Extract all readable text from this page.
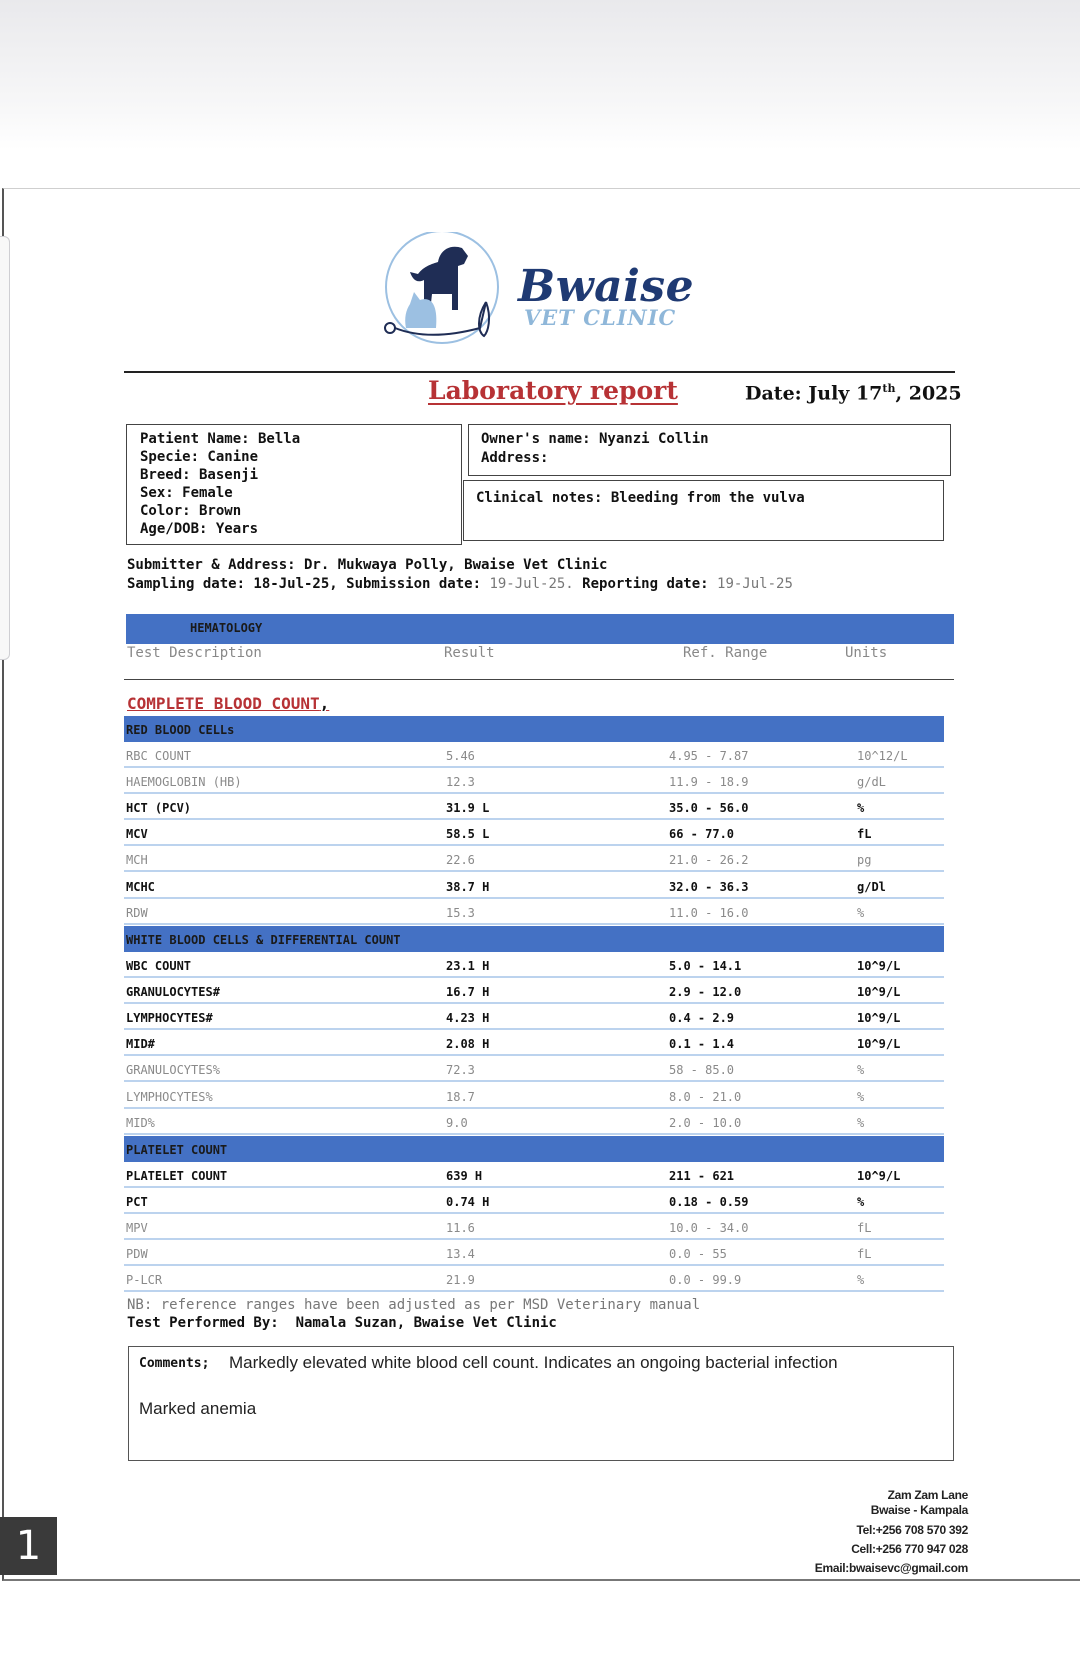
Bwaise
VET CLINIC
Laboratory report	Date: July 17th, 2025
Patient Name: Bella
Specie: Canine
Breed: Basenji
Sex: Female
Color: Brown
Age/DOB: Years
Owner's name: Nyanzi Collin
Address:
Clinical notes: Bleeding from the vulva
Submitter & Address: Dr. Mukwaya Polly, Bwaise Vet Clinic
Sampling date: 18-Jul-25, Submission date: 19-Jul-25. Reporting date: 19-Jul-25
HEMATOLOGY
Test Description	Result	Ref. Range	Units
COMPLETE BLOOD COUNT,
RED BLOOD CELLs
RBC COUNT	5.46	4.95 - 7.87	10^12/L
HAEMOGLOBIN (HB)	12.3	11.9 - 18.9	g/dL
HCT (PCV)	31.9 L	35.0 - 56.0	%
MCV	58.5 L	66 - 77.0	fL
MCH	22.6	21.0 - 26.2	pg
MCHC	38.7 H	32.0 - 36.3	g/Dl
RDW	15.3	11.0 - 16.0	%
WHITE BLOOD CELLS & DIFFERENTIAL COUNT
WBC COUNT	23.1 H	5.0 - 14.1	10^9/L
GRANULOCYTES#	16.7 H	2.9 - 12.0	10^9/L
LYMPHOCYTES#	4.23 H	0.4 - 2.9	10^9/L
MID#	2.08 H	0.1 - 1.4	10^9/L
GRANULOCYTES%	72.3	58 - 85.0	%
LYMPHOCYTES%	18.7	8.0 - 21.0	%
MID%	9.0	2.0 - 10.0	%
PLATELET COUNT
PLATELET COUNT	639 H	211 - 621	10^9/L
PCT	0.74 H	0.18 - 0.59	%
MPV	11.6	10.0 - 34.0	fL
PDW	13.4	0.0 - 55	fL
P-LCR	21.9	0.0 - 99.9	%
NB: reference ranges have been adjusted as per MSD Veterinary manual
Test Performed By:  Namala Suzan, Bwaise Vet Clinic
Comments; Markedly elevated white blood cell count. Indicates an ongoing bacterial infection
Marked anemia
Zam Zam Lane
Bwaise - Kampala
Tel:+256 708 570 392
Cell:+256 770 947 028
Email:bwaisevc@gmail.com
1
